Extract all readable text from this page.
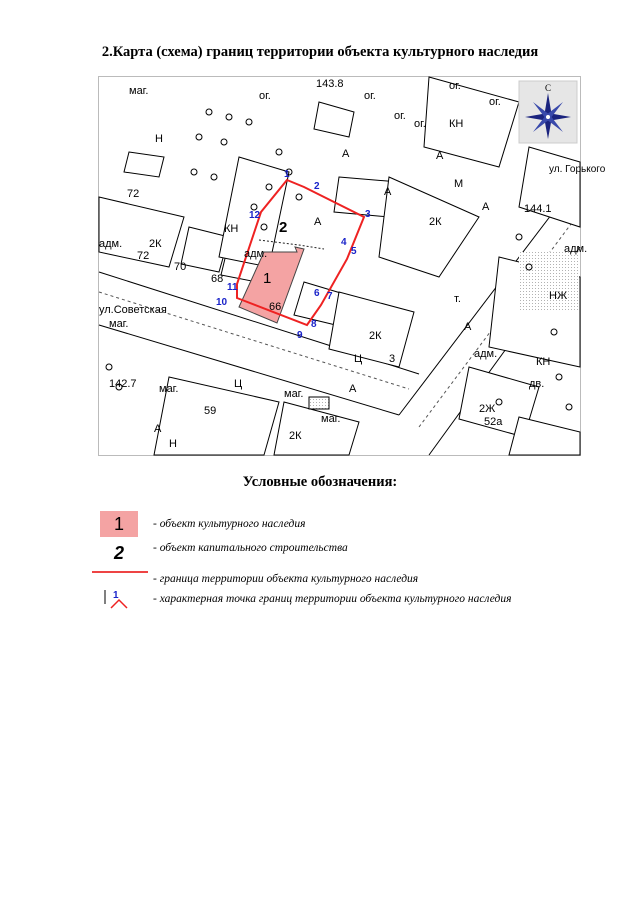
2.Карта (схема) границ территории объекта культурного наследия
1
2
3
4
5
6 7
8
9
10
11
12
1
2
маг.
143.8
ог.
ог.
ог.
ог.
ог.
ог.
А	А
А
А
А
А
А
А
М
144.1
142.7
адм.
адм.	адм.
адм.
маг.
маг.	маг.
маг.
т.
дв.
Ц
Ц
2К
2К
2К
2К
70
68
66
59
52а
3
72
72
КН
КН
КН
НЖ
2Ж
Н
Н
ул.Советская
ул. Горького
С
Условные обозначения:
1
2
1
- объект культурного наследия
- объект капитального строительства
- граница территории объекта культурного наследия
- характерная точка границ территории объекта культурного наследия
